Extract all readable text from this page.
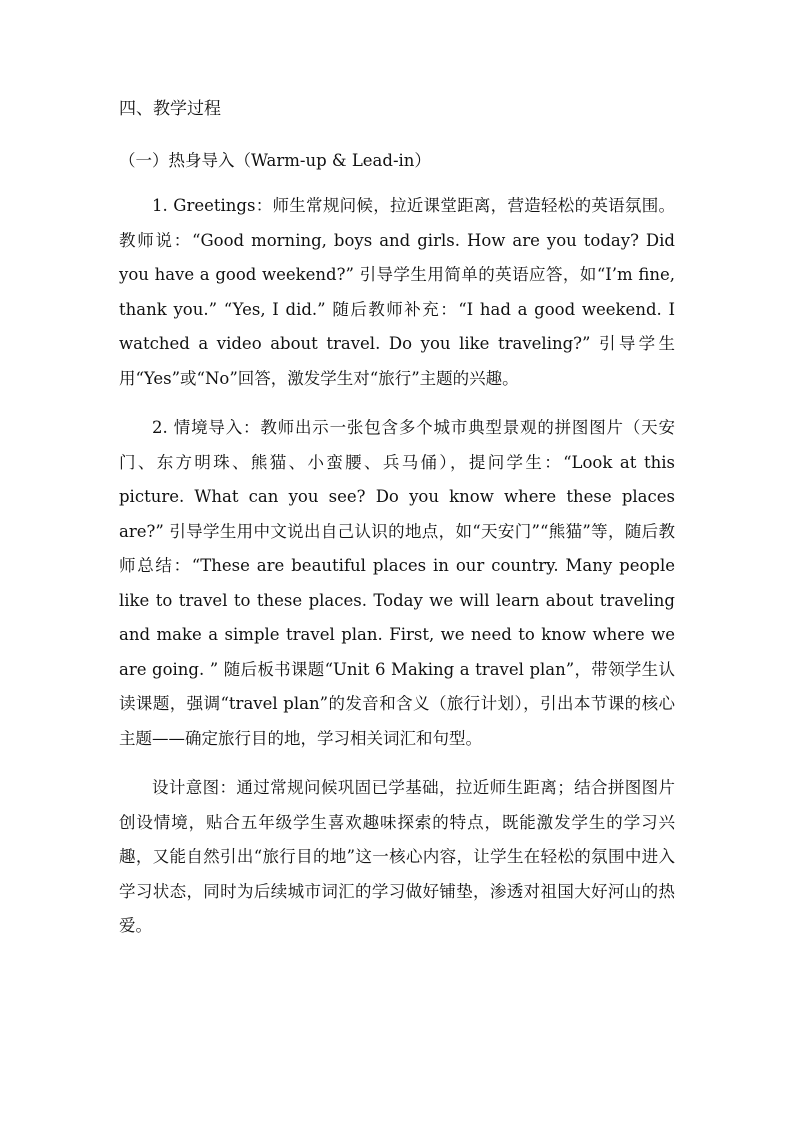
四、教学过程
（一）热身导入（Warm-up & Lead-in）

1. Greetings：师生常规问候，拉近课堂距离，营造轻松的英语氛围。教师说：“Good morning, boys and girls. How are you today? Did you have a good weekend?” 引导学生用简单的英语应答，如“I’m fine, thank you.” “Yes, I did.” 随后教师补充：“I had a good weekend. I watched a video about travel. Do you like traveling?” 引导学生用“Yes”或“No”回答，激发学生对“旅行”主题的兴趣。

2. 情境导入：教师出示一张包含多个城市典型景观的拼图图片（天安门、东方明珠、熊猫、小蛮腰、兵马俑），提问学生：“Look at this picture. What can you see? Do you know where these places are?” 引导学生用中文说出自己认识的地点，如“天安门”“熊猫”等，随后教师总结：“These are beautiful places in our country. Many people like to travel to these places. Today we will learn about traveling and make a simple travel plan. First, we need to know where we are going. ” 随后板书课题“Unit 6 Making a travel plan”，带领学生认读课题，强调“travel plan”的发音和含义（旅行计划），引出本节课的核心主题——确定旅行目的地，学习相关词汇和句型。

设计意图：通过常规问候巩固已学基础，拉近师生距离；结合拼图图片创设情境，贴合五年级学生喜欢趣味探索的特点，既能激发学生的学习兴趣，又能自然引出“旅行目的地”这一核心内容，让学生在轻松的氛围中进入学习状态，同时为后续城市词汇的学习做好铺垫，渗透对祖国大好河山的热爱。
